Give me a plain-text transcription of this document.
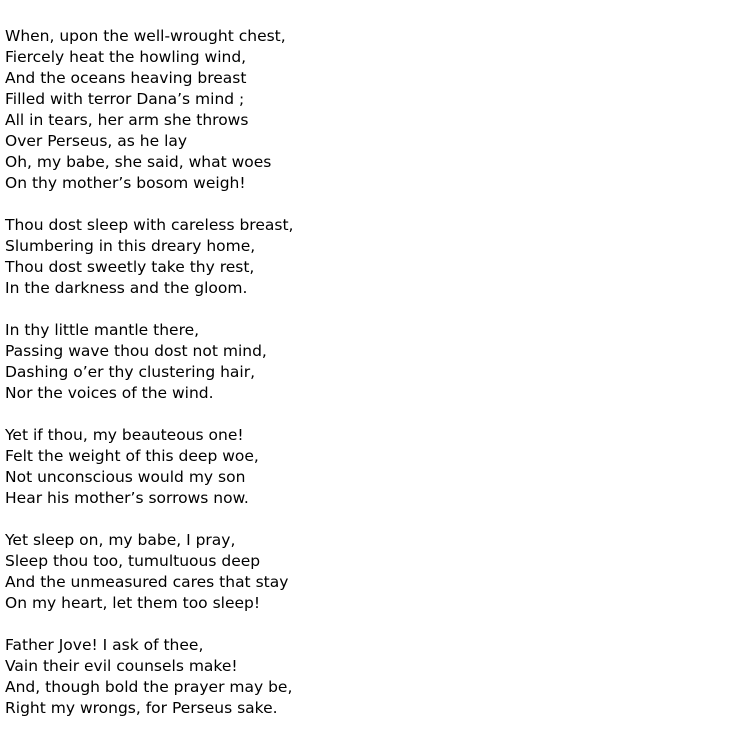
When, upon the well-wrought chest,
Fiercely heat the howling wind,
And the oceans heaving breast
Filled with terror Dana’s mind ;
All in tears, her arm she throws
Over Perseus, as he lay
Oh, my babe, she said, what woes
On thy mother’s bosom weigh!
Thou dost sleep with careless breast,
Slumbering in this dreary home,
Thou dost sweetly take thy rest,
In the darkness and the gloom.
In thy little mantle there,
Passing wave thou dost not mind,
Dashing o’er thy clustering hair,
Nor the voices of the wind.
Yet if thou, my beauteous one!
Felt the weight of this deep woe,
Not unconscious would my son
Hear his mother’s sorrows now.
Yet sleep on, my babe, I pray,
Sleep thou too, tumultuous deep
And the unmeasured cares that stay
On my heart, let them too sleep!
Father Jove! I ask of thee,
Vain their evil counsels make!
And, though bold the prayer may be,
Right my wrongs, for Perseus sake.
